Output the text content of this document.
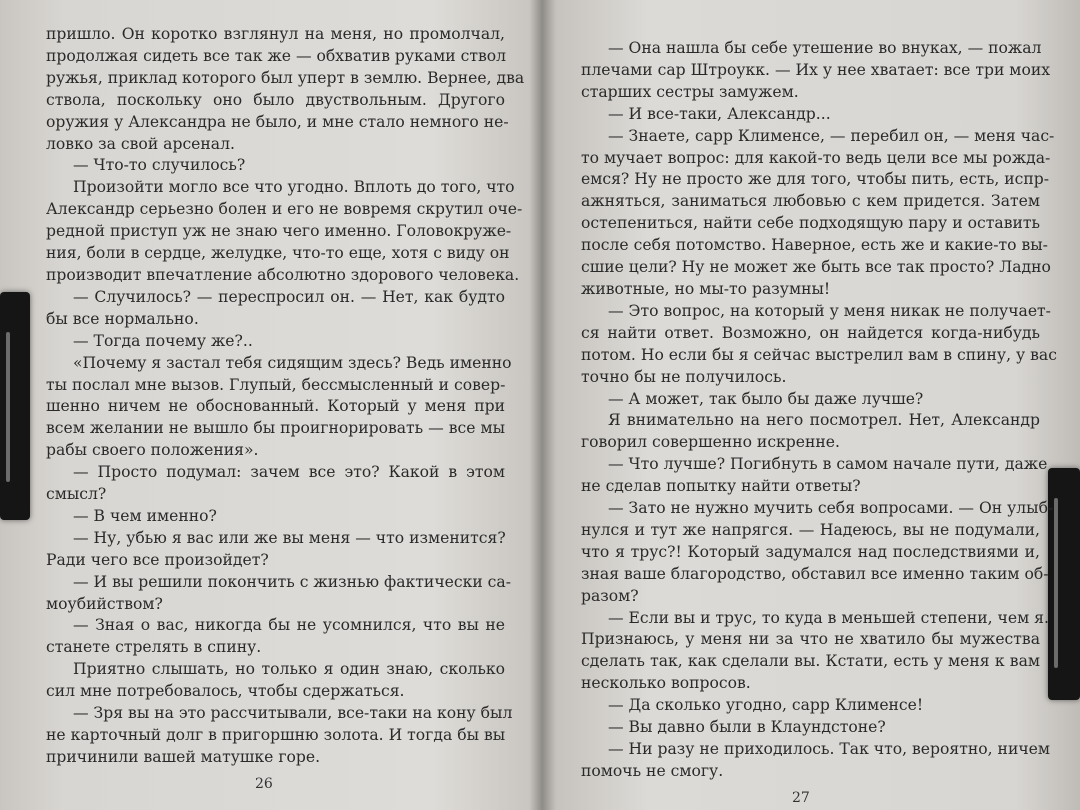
пришло. Он коротко взглянул на меня, но промолчал,
продолжая сидеть все так же — обхватив руками ствол
ружья, приклад которого был уперт в землю. Вернее, два
ствола, поскольку оно было двуствольным. Другого
оружия у Александра не было, и мне стало немного не-
ловко за свой арсенал.
— Что-то случилось?
Произойти могло все что угодно. Вплоть до того, что
Александр серьезно болен и его не вовремя скрутил оче-
редной приступ уж не знаю чего именно. Головокруже-
ния, боли в сердце, желудке, что-то еще, хотя с виду он
производит впечатление абсолютно здорового человека.
— Случилось? — переспросил он. — Нет, как будто
бы все нормально.
— Тогда почему же?..
«Почему я застал тебя сидящим здесь? Ведь именно
ты послал мне вызов. Глупый, бессмысленный и совер-
шенно ничем не обоснованный. Который у меня при
всем желании не вышло бы проигнорировать — все мы
рабы своего положения».
— Просто подумал: зачем все это? Какой в этом
смысл?
— В чем именно?
— Ну, убью я вас или же вы меня — что изменится?
Ради чего все произойдет?
— И вы решили покончить с жизнью фактически са-
моубийством?
— Зная о вас, никогда бы не усомнился, что вы не
станете стрелять в спину.
Приятно слышать, но только я один знаю, сколько
сил мне потребовалось, чтобы сдержаться.
— Зря вы на это рассчитывали, все-таки на кону был
не карточный долг в пригоршню золота. И тогда бы вы
причинили вашей матушке горе.
26
— Она нашла бы себе утешение во внуках, — пожал
плечами сар Штроукк. — Их у нее хватает: все три моих
старших сестры замужем.
— И все-таки, Александр...
— Знаете, сарр Клименсе, — перебил он, — меня час-
то мучает вопрос: для какой-то ведь цели все мы рожда-
емся? Ну не просто же для того, чтобы пить, есть, испр-
ажняться, заниматься любовью с кем придется. Затем
остепениться, найти себе подходящую пару и оставить
после себя потомство. Наверное, есть же и какие-то вы-
сшие цели? Ну не может же быть все так просто? Ладно
животные, но мы-то разумны!
— Это вопрос, на который у меня никак не получает-
ся найти ответ. Возможно, он найдется когда-нибудь
потом. Но если бы я сейчас выстрелил вам в спину, у вас
точно бы не получилось.
— А может, так было бы даже лучше?
Я внимательно на него посмотрел. Нет, Александр
говорил совершенно искренне.
— Что лучше? Погибнуть в самом начале пути, даже
не сделав попытку найти ответы?
— Зато не нужно мучить себя вопросами. — Он улыб-
нулся и тут же напрягся. — Надеюсь, вы не подумали,
что я трус?! Который задумался над последствиями и,
зная ваше благородство, обставил все именно таким об-
разом?
— Если вы и трус, то куда в меньшей степени, чем я.
Признаюсь, у меня ни за что не хватило бы мужества
сделать так, как сделали вы. Кстати, есть у меня к вам
несколько вопросов.
— Да сколько угодно, сарр Клименсе!
— Вы давно были в Клаундстоне?
— Ни разу не приходилось. Так что, вероятно, ничем
помочь не смогу.
27
